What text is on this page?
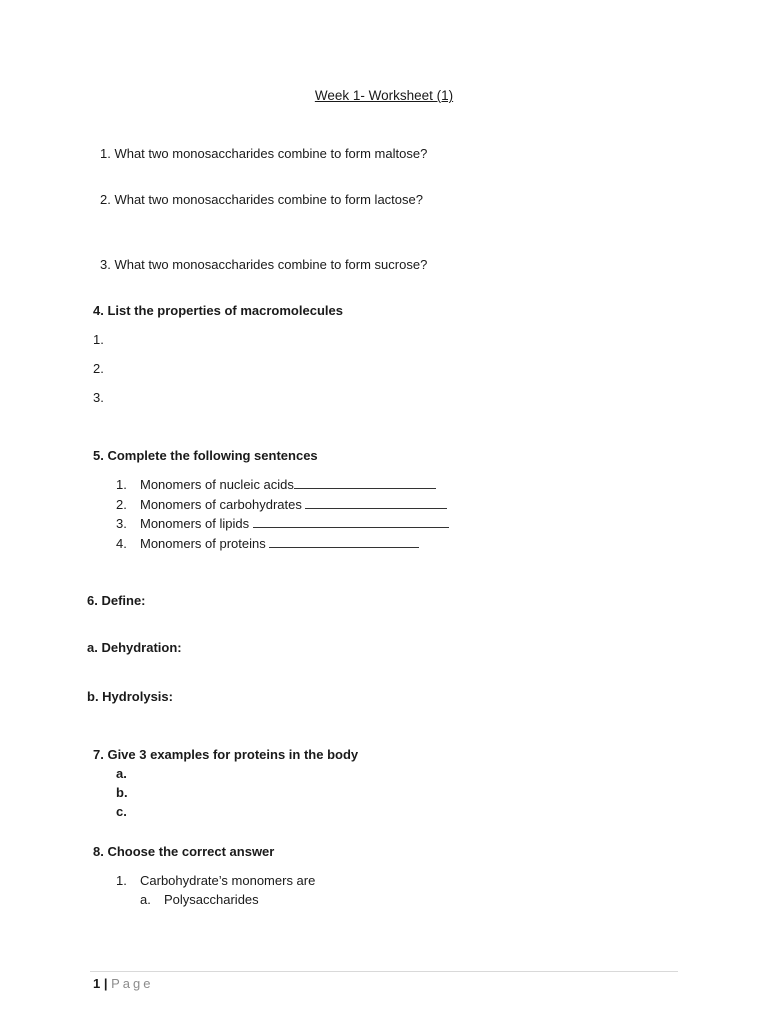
Week 1- Worksheet (1)
1. What two monosaccharides combine to form maltose?
2. What two monosaccharides combine to form lactose?
3. What two monosaccharides combine to form sucrose?
4. List the properties of macromolecules
1.
2.
3.
5. Complete the following sentences
1. Monomers of nucleic acids
2. Monomers of carbohydrates
3. Monomers of lipids
4. Monomers of proteins
6. Define:
a. Dehydration:
b. Hydrolysis:
7. Give 3 examples for proteins in the body
a.
b.
c.
8. Choose the correct answer
1. Carbohydrate’s monomers are
a. Polysaccharides
1 | Page
